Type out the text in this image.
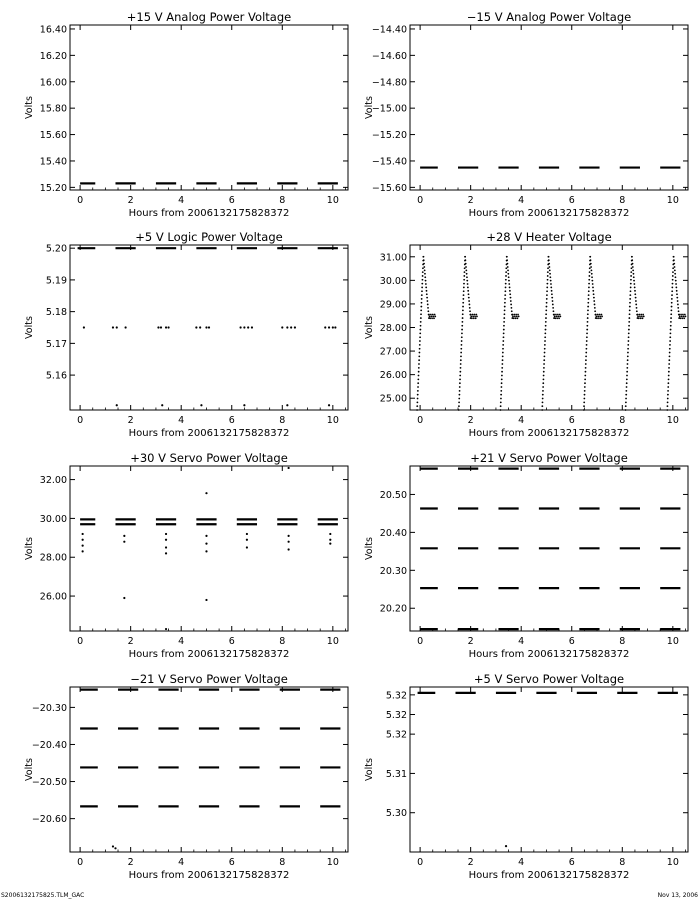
+15 V Analog Power Voltage
0	2	4	6	8	10
15.20
15.40
15.60
15.80
16.00
16.20
16.40
Hours from 2006132175828372
Volts
−15 V Analog Power Voltage
0	2	4	6	8	10
−15.60
−15.40
−15.20
−15.00
−14.80
−14.60
−14.40
Hours from 2006132175828372
Volts
+5 V Logic Power Voltage
0	2	4	6	8	10
5.16
5.17
5.18
5.19
5.20
Hours from 2006132175828372
Volts
+28 V Heater Voltage
0	2	4	6	8	10
25.00
26.00
27.00
28.00
29.00
30.00
31.00
Hours from 2006132175828372
Volts
+30 V Servo Power Voltage
0	2	4	6	8	10
26.00
28.00
30.00
32.00
Hours from 2006132175828372
Volts
+21 V Servo Power Voltage
0	2	4	6	8	10
20.20
20.30
20.40
20.50
Hours from 2006132175828372
Volts
−21 V Servo Power Voltage
0	2	4	6	8	10
−20.60
−20.50
−20.40
−20.30
Hours from 2006132175828372
Volts
+5 V Servo Power Voltage
0	2	4	6	8	10
5.30
5.31
5.32
5.32
5.32
Hours from 2006132175828372
Volts
S2006132175825.TLM_GAC	Nov 13, 2006
